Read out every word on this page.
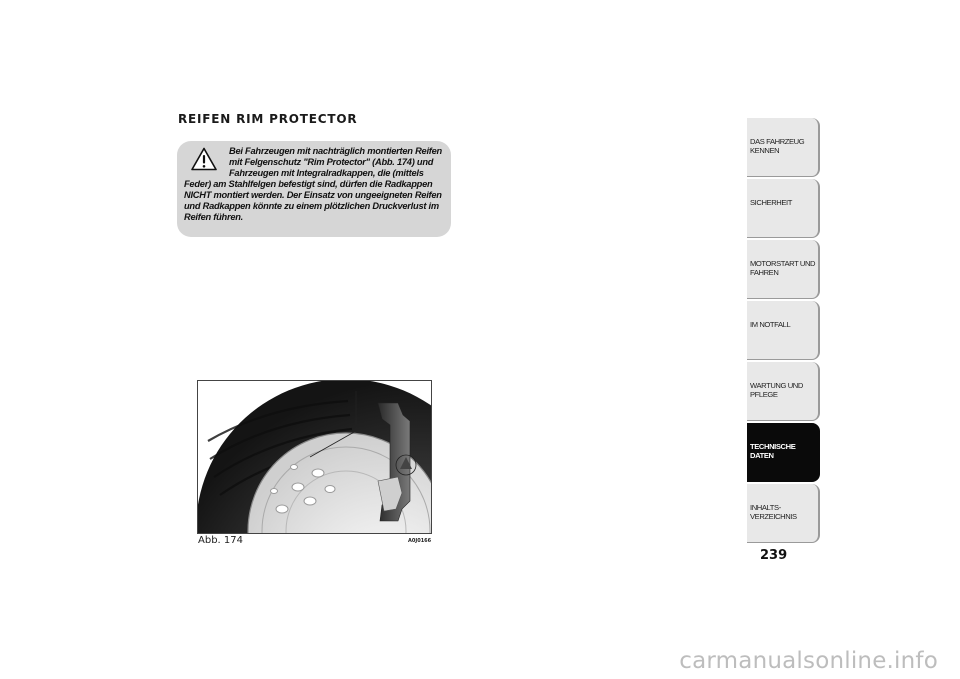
REIFEN RIM PROTECTOR

Bei Fahrzeugen mit nachträglich montierten Reifen mit Felgenschutz "Rim Protector" (Abb. 174) und Fahrzeugen mit Integralradkappen, die (mittels Feder) am Stahlfelgen befestigt sind, dürfen die Radkappen NICHT montiert werden. Der Einsatz von ungeeigneten Reifen und Radkappen könnte zu einem plötzlichen Druckverlust im Reifen führen.

Abb. 174	A0J0166
DAS FAHRZEUG
KENNEN
SICHERHEIT
MOTORSTART UND
FAHREN
IM NOTFALL
WARTUNG UND
PFLEGE
TECHNISCHE
DATEN
INHALTS-
VERZEICHNIS
239
carmanualsonline.info
